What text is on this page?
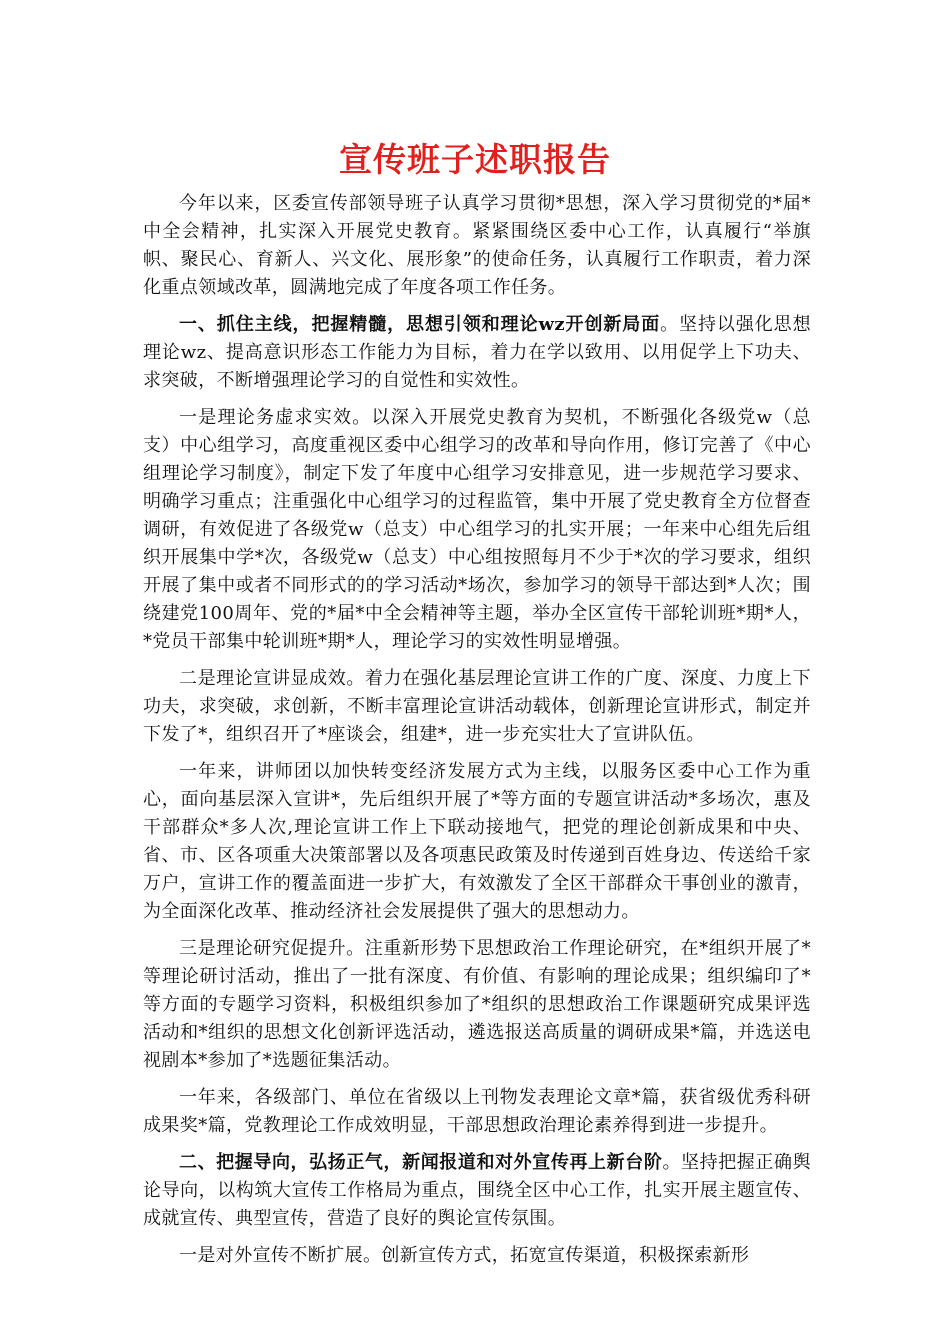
宣传班子述职报告

今年以来，区委宣传部领导班子认真学习贯彻*思想，深入学习贯彻党的*届*中全会精神，扎实深入开展党史教育。紧紧围绕区委中心工作，认真履行“举旗帜、聚民心、育新人、兴文化、展形象”的使命任务，认真履行工作职责，着力深化重点领域改革，圆满地完成了年度各项工作任务。

一、抓住主线，把握精髓，思想引领和理论wz开创新局面。坚持以强化思想理论wz、提高意识形态工作能力为目标，着力在学以致用、以用促学上下功夫、求突破，不断增强理论学习的自觉性和实效性。

一是理论务虚求实效。以深入开展党史教育为契机，不断强化各级党w（总支）中心组学习，高度重视区委中心组学习的改革和导向作用，修订完善了《中心组理论学习制度》，制定下发了年度中心组学习安排意见，进一步规范学习要求、明确学习重点；注重强化中心组学习的过程监管，集中开展了党史教育全方位督查调研，有效促进了各级党w（总支）中心组学习的扎实开展；一年来中心组先后组织开展集中学*次，各级党w（总支）中心组按照每月不少于*次的学习要求，组织开展了集中或者不同形式的的学习活动*场次，参加学习的领导干部达到*人次；围绕建党100周年、党的*届*中全会精神等主题，举办全区宣传干部轮训班*期*人，*党员干部集中轮训班*期*人，理论学习的实效性明显增强。

二是理论宣讲显成效。着力在强化基层理论宣讲工作的广度、深度、力度上下功夫，求突破，求创新，不断丰富理论宣讲活动载体，创新理论宣讲形式，制定并下发了*，组织召开了*座谈会，组建*，进一步充实壮大了宣讲队伍。

一年来，讲师团以加快转变经济发展方式为主线，以服务区委中心工作为重心，面向基层深入宣讲*，先后组织开展了*等方面的专题宣讲活动*多场次，惠及干部群众*多人次,理论宣讲工作上下联动接地气，把党的理论创新成果和中央、省、市、区各项重大决策部署以及各项惠民政策及时传递到百姓身边、传送给千家万户，宣讲工作的覆盖面进一步扩大，有效激发了全区干部群众干事创业的激青，为全面深化改革、推动经济社会发展提供了强大的思想动力。

三是理论研究促提升。注重新形势下思想政治工作理论研究，在*组织开展了*等理论研讨活动，推出了一批有深度、有价值、有影响的理论成果；组织编印了*等方面的专题学习资料，积极组织参加了*组织的思想政治工作课题研究成果评选活动和*组织的思想文化创新评选活动，遴选报送高质量的调研成果*篇，并选送电视剧本*参加了*选题征集活动。

一年来，各级部门、单位在省级以上刊物发表理论文章*篇，获省级优秀科研成果奖*篇，党教理论工作成效明显，干部思想政治理论素养得到进一步提升。

二、把握导向，弘扬正气，新闻报道和对外宣传再上新台阶。坚持把握正确舆论导向，以构筑大宣传工作格局为重点，围绕全区中心工作，扎实开展主题宣传、成就宣传、典型宣传，营造了良好的舆论宣传氛围。

一是对外宣传不断扩展。创新宣传方式，拓宽宣传渠道，积极探索新形
